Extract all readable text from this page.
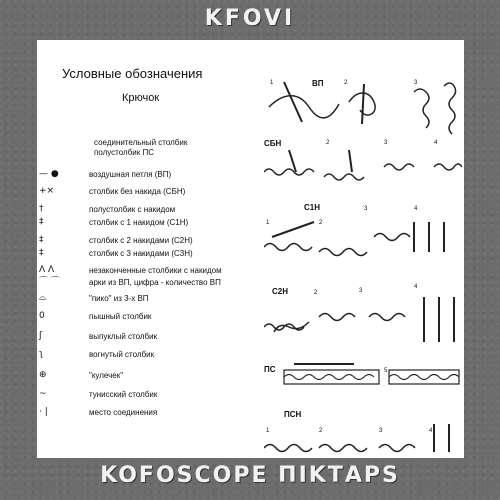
KFOVI
Условные обозначения
Крючок
соединительный столбик
полустолбик ПС
— ●	воздушная петля (ВП)
+×	столбик без накида (СБН)
†	полустолбик с накидом
‡	столбик с 1 накидом (С1Н)
‡	столбик с 2 накидами (С2Н)
‡	столбик с 3 накидами (С3Н)
Λ Λ	незаконченные столбики с накидом
⌒ ⌒	арки из ВП, цифра - количество ВП
⌓	"пико" из 3-х ВП
0	пышный столбик
ʃ	выпуклый столбик
ʅ	вогнутый столбик
⊕	"кулечек"
~	тунисский столбик
· |	место соединения
ВП
1	2	3
СБН	2	3	4
С1Н
1	2
3	4
С2Н	2	3
4
ПС	5
ПСН
1	2	3	4
KOFOSCOPE ΠΙΚΤΑΡS
